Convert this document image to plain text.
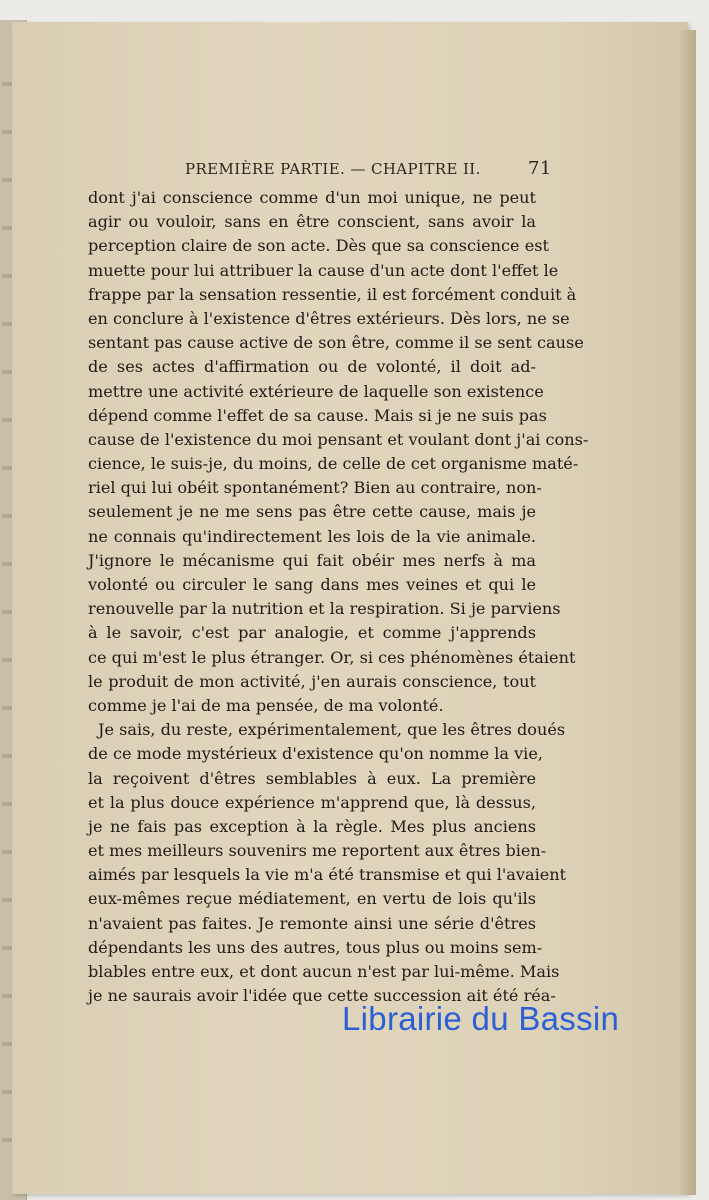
PREMIÈRE PARTIE. — CHAPITRE II.	71
dont j'ai conscience comme d'un moi unique, ne peut
agir ou vouloir, sans en être conscient, sans avoir la
perception claire de son acte. Dès que sa conscience est
muette pour lui attribuer la cause d'un acte dont l'effet le
frappe par la sensation ressentie, il est forcément conduit à
en conclure à l'existence d'êtres extérieurs. Dès lors, ne se
sentant pas cause active de son être, comme il se sent cause
de ses actes d'affirmation ou de volonté, il doit ad-
mettre une activité extérieure de laquelle son existence
dépend comme l'effet de sa cause. Mais si je ne suis pas
cause de l'existence du moi pensant et voulant dont j'ai cons-
cience, le suis-je, du moins, de celle de cet organisme maté-
riel qui lui obéit spontanément? Bien au contraire, non-
seulement je ne me sens pas être cette cause, mais je
ne connais qu'indirectement les lois de la vie animale.
J'ignore le mécanisme qui fait obéir mes nerfs à ma
volonté ou circuler le sang dans mes veines et qui le
renouvelle par la nutrition et la respiration. Si je parviens
à le savoir, c'est par analogie, et comme j'apprends
ce qui m'est le plus étranger. Or, si ces phénomènes étaient
le produit de mon activité, j'en aurais conscience, tout
comme je l'ai de ma pensée, de ma volonté.
Je sais, du reste, expérimentalement, que les êtres doués
de ce mode mystérieux d'existence qu'on nomme la vie,
la reçoivent d'êtres semblables à eux. La première
et la plus douce expérience m'apprend que, là dessus,
je ne fais pas exception à la règle. Mes plus anciens
et mes meilleurs souvenirs me reportent aux êtres bien-
aimés par lesquels la vie m'a été transmise et qui l'avaient
eux-mêmes reçue médiatement, en vertu de lois qu'ils
n'avaient pas faites. Je remonte ainsi une série d'êtres
dépendants les uns des autres, tous plus ou moins sem-
blables entre eux, et dont aucun n'est par lui-même. Mais
je ne saurais avoir l'idée que cette succession ait été réa-
Librairie du Bassin
